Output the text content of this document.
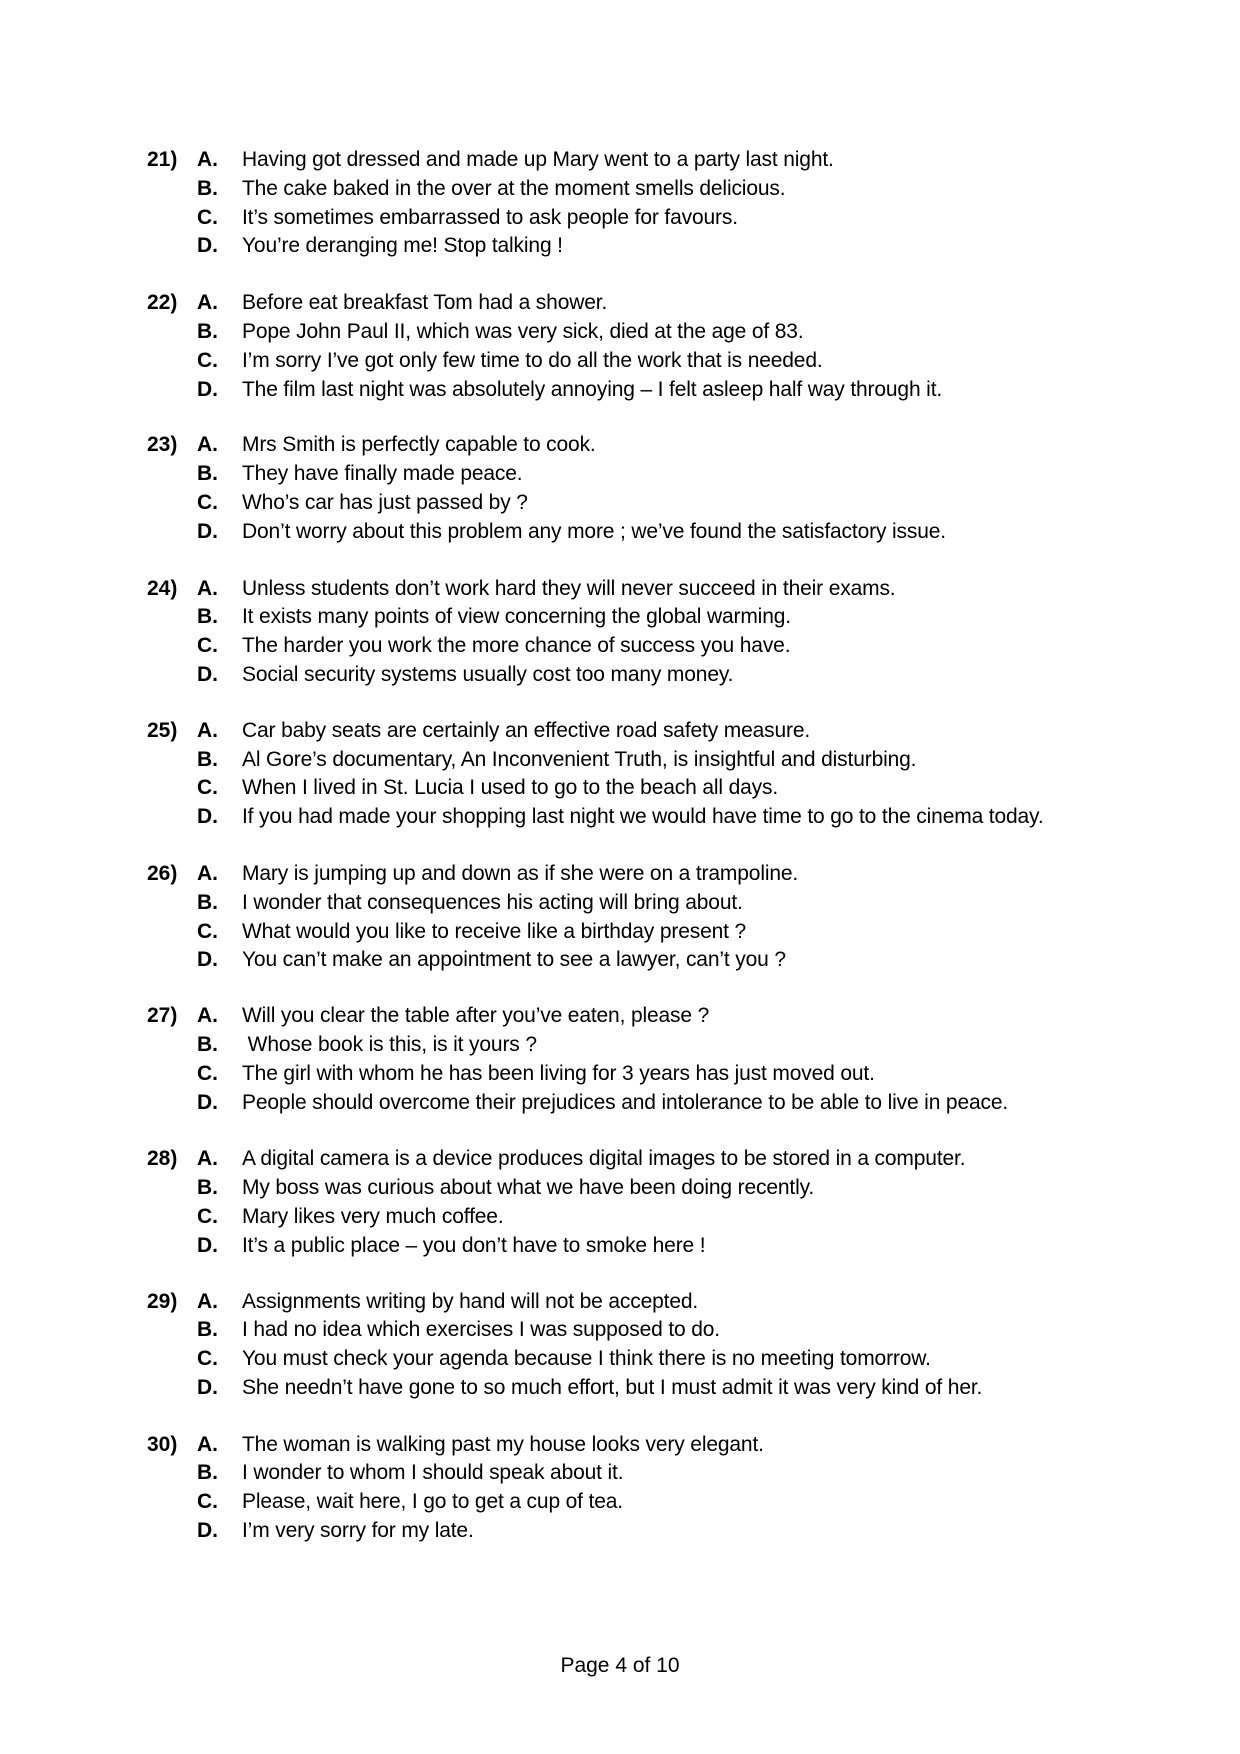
21) A.	Having got dressed and made up Mary went to a party last night.
B.	The cake baked in the over at the moment smells delicious.
C.	It’s sometimes embarrassed to ask people for favours.
D.	You’re deranging me! Stop talking !
22) A.	Before eat breakfast Tom had a shower.
B.	Pope John Paul II, which was very sick, died at the age of 83.
C.	I’m sorry I’ve got only few time to do all the work that is needed.
D.	The film last night was absolutely annoying – I felt asleep half way through it.
23) A.	Mrs Smith is perfectly capable to cook.
B.	They have finally made peace.
C.	Who’s car has just passed by ?
D.	Don’t worry about this problem any more ; we’ve found the satisfactory issue.
24) A.	Unless students don’t work hard they will never succeed in their exams.
B.	It exists many points of view concerning the global warming.
C.	The harder you work the more chance of success you have.
D.	Social security systems usually cost too many money.
25) A.	Car baby seats are certainly an effective road safety measure.
B.	Al Gore’s documentary, An Inconvenient Truth, is insightful and disturbing.
C.	When I lived in St. Lucia I used to go to the beach all days.
D.	If you had made your shopping last night we would have time to go to the cinema today.
26) A.	Mary is jumping up and down as if she were on a trampoline.
B.	I wonder that consequences his acting will bring about.
C.	What would you like to receive like a birthday present ?
D.	You can’t make an appointment to see a lawyer, can’t you ?
27) A.	Will you clear the table after you’ve eaten, please ?
B.	Whose book is this, is it yours ?
C.	The girl with whom he has been living for 3 years has just moved out.
D.	People should overcome their prejudices and intolerance to be able to live in peace.
28) A.	A digital camera is a device produces digital images to be stored in a computer.
B.	My boss was curious about what we have been doing recently.
C.	Mary likes very much coffee.
D.	It’s a public place – you don’t have to smoke here !
29) A.	Assignments writing by hand will not be accepted.
B.	I had no idea which exercises I was supposed to do.
C.	You must check your agenda because I think there is no meeting tomorrow.
D.	She needn’t have gone to so much effort, but I must admit it was very kind of her.
30) A.	The woman is walking past my house looks very elegant.
B.	I wonder to whom I should speak about it.
C.	Please, wait here, I go to get a cup of tea.
D.	I’m very sorry for my late.
Page 4 of 10
